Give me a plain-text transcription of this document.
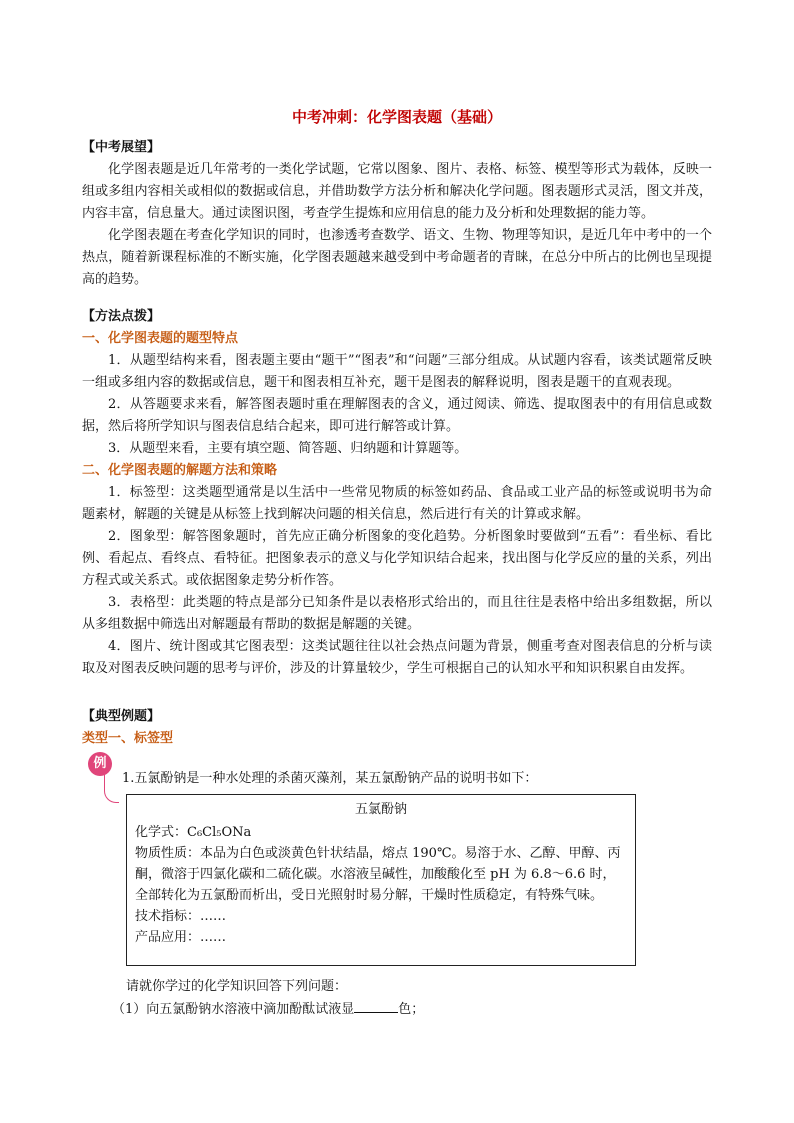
中考冲刺：化学图表题（基础）
【中考展望】

化学图表题是近几年常考的一类化学试题，它常以图象、图片、表格、标签、模型等形式为载体，反映一组或多组内容相关或相似的数据或信息，并借助数学方法分析和解决化学问题。图表题形式灵活，图文并茂，内容丰富，信息量大。通过读图识图，考查学生提炼和应用信息的能力及分析和处理数据的能力等。

化学图表题在考查化学知识的同时，也渗透考查数学、语文、生物、物理等知识，是近几年中考中的一个热点，随着新课程标准的不断实施，化学图表题越来越受到中考命题者的青睐，在总分中所占的比例也呈现提高的趋势。

【方法点拨】
一、化学图表题的题型特点

1．从题型结构来看，图表题主要由“题干”“图表”和“问题”三部分组成。从试题内容看，该类试题常反映一组或多组内容的数据或信息，题干和图表相互补充，题干是图表的解释说明，图表是题干的直观表现。

2．从答题要求来看，解答图表题时重在理解图表的含义，通过阅读、筛选、提取图表中的有用信息或数据，然后将所学知识与图表信息结合起来，即可进行解答或计算。

3．从题型来看，主要有填空题、简答题、归纳题和计算题等。

二、化学图表题的解题方法和策略

1．标签型：这类题型通常是以生活中一些常见物质的标签如药品、食品或工业产品的标签或说明书为命题素材，解题的关键是从标签上找到解决问题的相关信息，然后进行有关的计算或求解。

2．图象型：解答图象题时，首先应正确分析图象的变化趋势。分析图象时要做到“五看”：看坐标、看比例、看起点、看终点、看特征。把图象表示的意义与化学知识结合起来，找出图与化学反应的量的关系，列出方程式或关系式。或依据图象走势分析作答。

3．表格型：此类题的特点是部分已知条件是以表格形式给出的，而且往往是表格中给出多组数据，所以从多组数据中筛选出对解题最有帮助的数据是解题的关键。

4．图片、统计图或其它图表型：这类试题往往以社会热点问题为背景，侧重考查对图表信息的分析与读取及对图表反映问题的思考与评价，涉及的计算量较少，学生可根据自己的认知水平和知识积累自由发挥。

【典型例题】
类型一、标签型
例
1.五氯酚钠是一种水处理的杀菌灭藻剂，某五氯酚钠产品的说明书如下：
五氯酚钠
化学式：C₆Cl₅ONa
物质性质：本品为白色或淡黄色针状结晶，熔点 190℃。易溶于水、乙醇、甲醇、丙酮，微溶于四氯化碳和二硫化碳。水溶液呈碱性，加酸酸化至 pH 为 6.8～6.6 时，全部转化为五氯酚而析出，受日光照射时易分解，干燥时性质稳定，有特殊气味。
技术指标：……
产品应用：……
请就你学过的化学知识回答下列问题：
（1）向五氯酚钠水溶液中滴加酚酞试液显	色；
